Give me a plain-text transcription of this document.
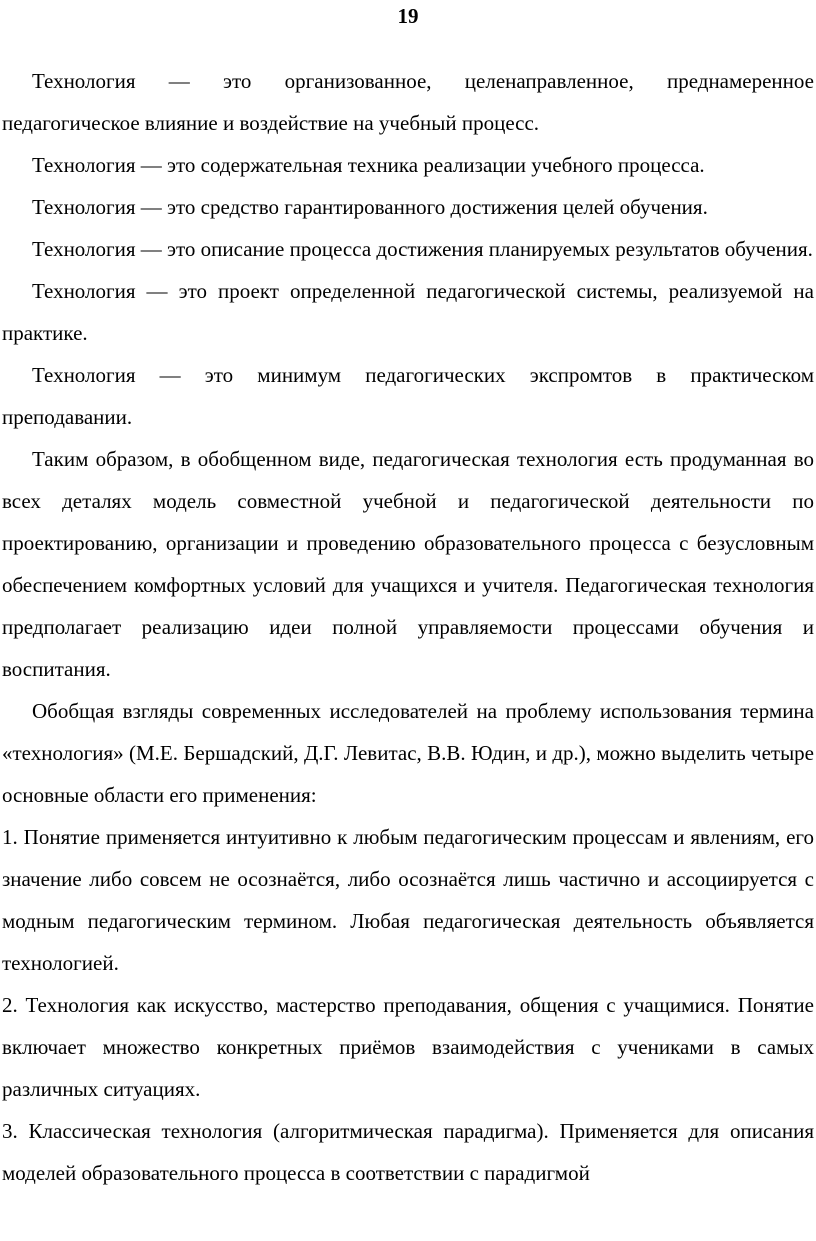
19

Технология — это организованное, целенаправленное, преднамеренное педагогическое влияние и воздействие на учебный процесс.

Технология — это содержательная техника реализации учебного процесса.

Технология — это средство гарантированного достижения целей обучения.

Технология — это описание процесса достижения планируемых результатов обучения.

Технология — это проект определенной педагогической системы, реализуемой на практике.

Технология — это минимум педагогических экспромтов в практическом преподавании.

Таким образом, в обобщенном виде, педагогическая технология есть продуманная во всех деталях модель совместной учебной и педагогической деятельности по проектированию, организации и проведению образовательного процесса с безусловным обеспечением комфортных условий для учащихся и учителя. Педагогическая технология предполагает реализацию идеи полной управляемости процессами обучения и воспитания.

Обобщая взгляды современных исследователей на проблему использования термина «технология» (М.Е. Бершадский, Д.Г. Левитас, В.В. Юдин, и др.), можно выделить четыре основные области его применения:

1. Понятие применяется интуитивно к любым педагогическим процессам и явлениям, его значение либо совсем не осознаётся, либо осознаётся лишь частично и ассоциируется с модным педагогическим термином. Любая педагогическая деятельность объявляется технологией.

2. Технология как искусство, мастерство преподавания, общения с учащимися. Понятие включает множество конкретных приёмов взаимодействия с учениками в самых различных ситуациях.

3. Классическая технология (алгоритмическая парадигма). Применяется для описания моделей образовательного процесса в соответствии с парадигмой
